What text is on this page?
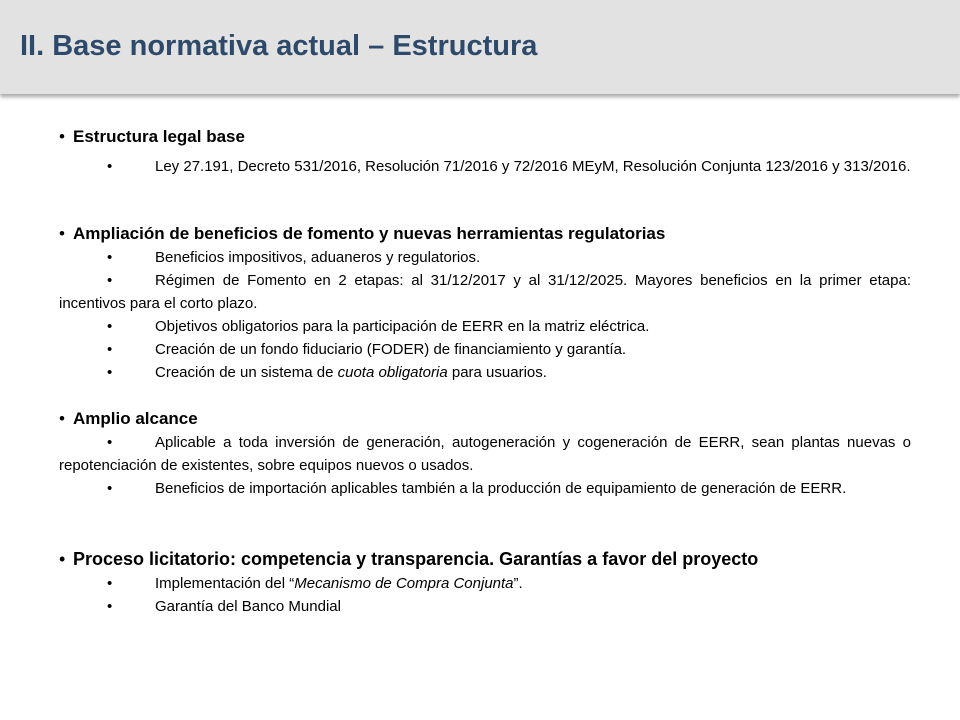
II. Base normativa actual – Estructura
• Estructura legal base
•	Ley 27.191, Decreto 531/2016, Resolución 71/2016 y 72/2016 MEyM, Resolución Conjunta 123/2016 y 313/2016.
• Ampliación de beneficios de fomento y nuevas herramientas regulatorias
•	Beneficios impositivos, aduaneros y regulatorios.
•	Régimen de Fomento en 2 etapas: al 31/12/2017 y al 31/12/2025. Mayores beneficios en la primer etapa: incentivos para el corto plazo.
•	Objetivos obligatorios para la participación de EERR en la matriz eléctrica.
•	Creación de un fondo fiduciario (FODER) de financiamiento y garantía.
•	Creación de un sistema de cuota obligatoria para usuarios.
• Amplio alcance
•	Aplicable a toda inversión de generación, autogeneración y cogeneración de EERR, sean plantas nuevas o repotenciación de existentes, sobre equipos nuevos o usados.
•	Beneficios de importación aplicables también a la producción de equipamiento de generación de EERR.
• Proceso licitatorio: competencia y transparencia. Garantías a favor del proyecto
•	Implementación del “Mecanismo de Compra Conjunta”.
•	Garantía del Banco Mundial
